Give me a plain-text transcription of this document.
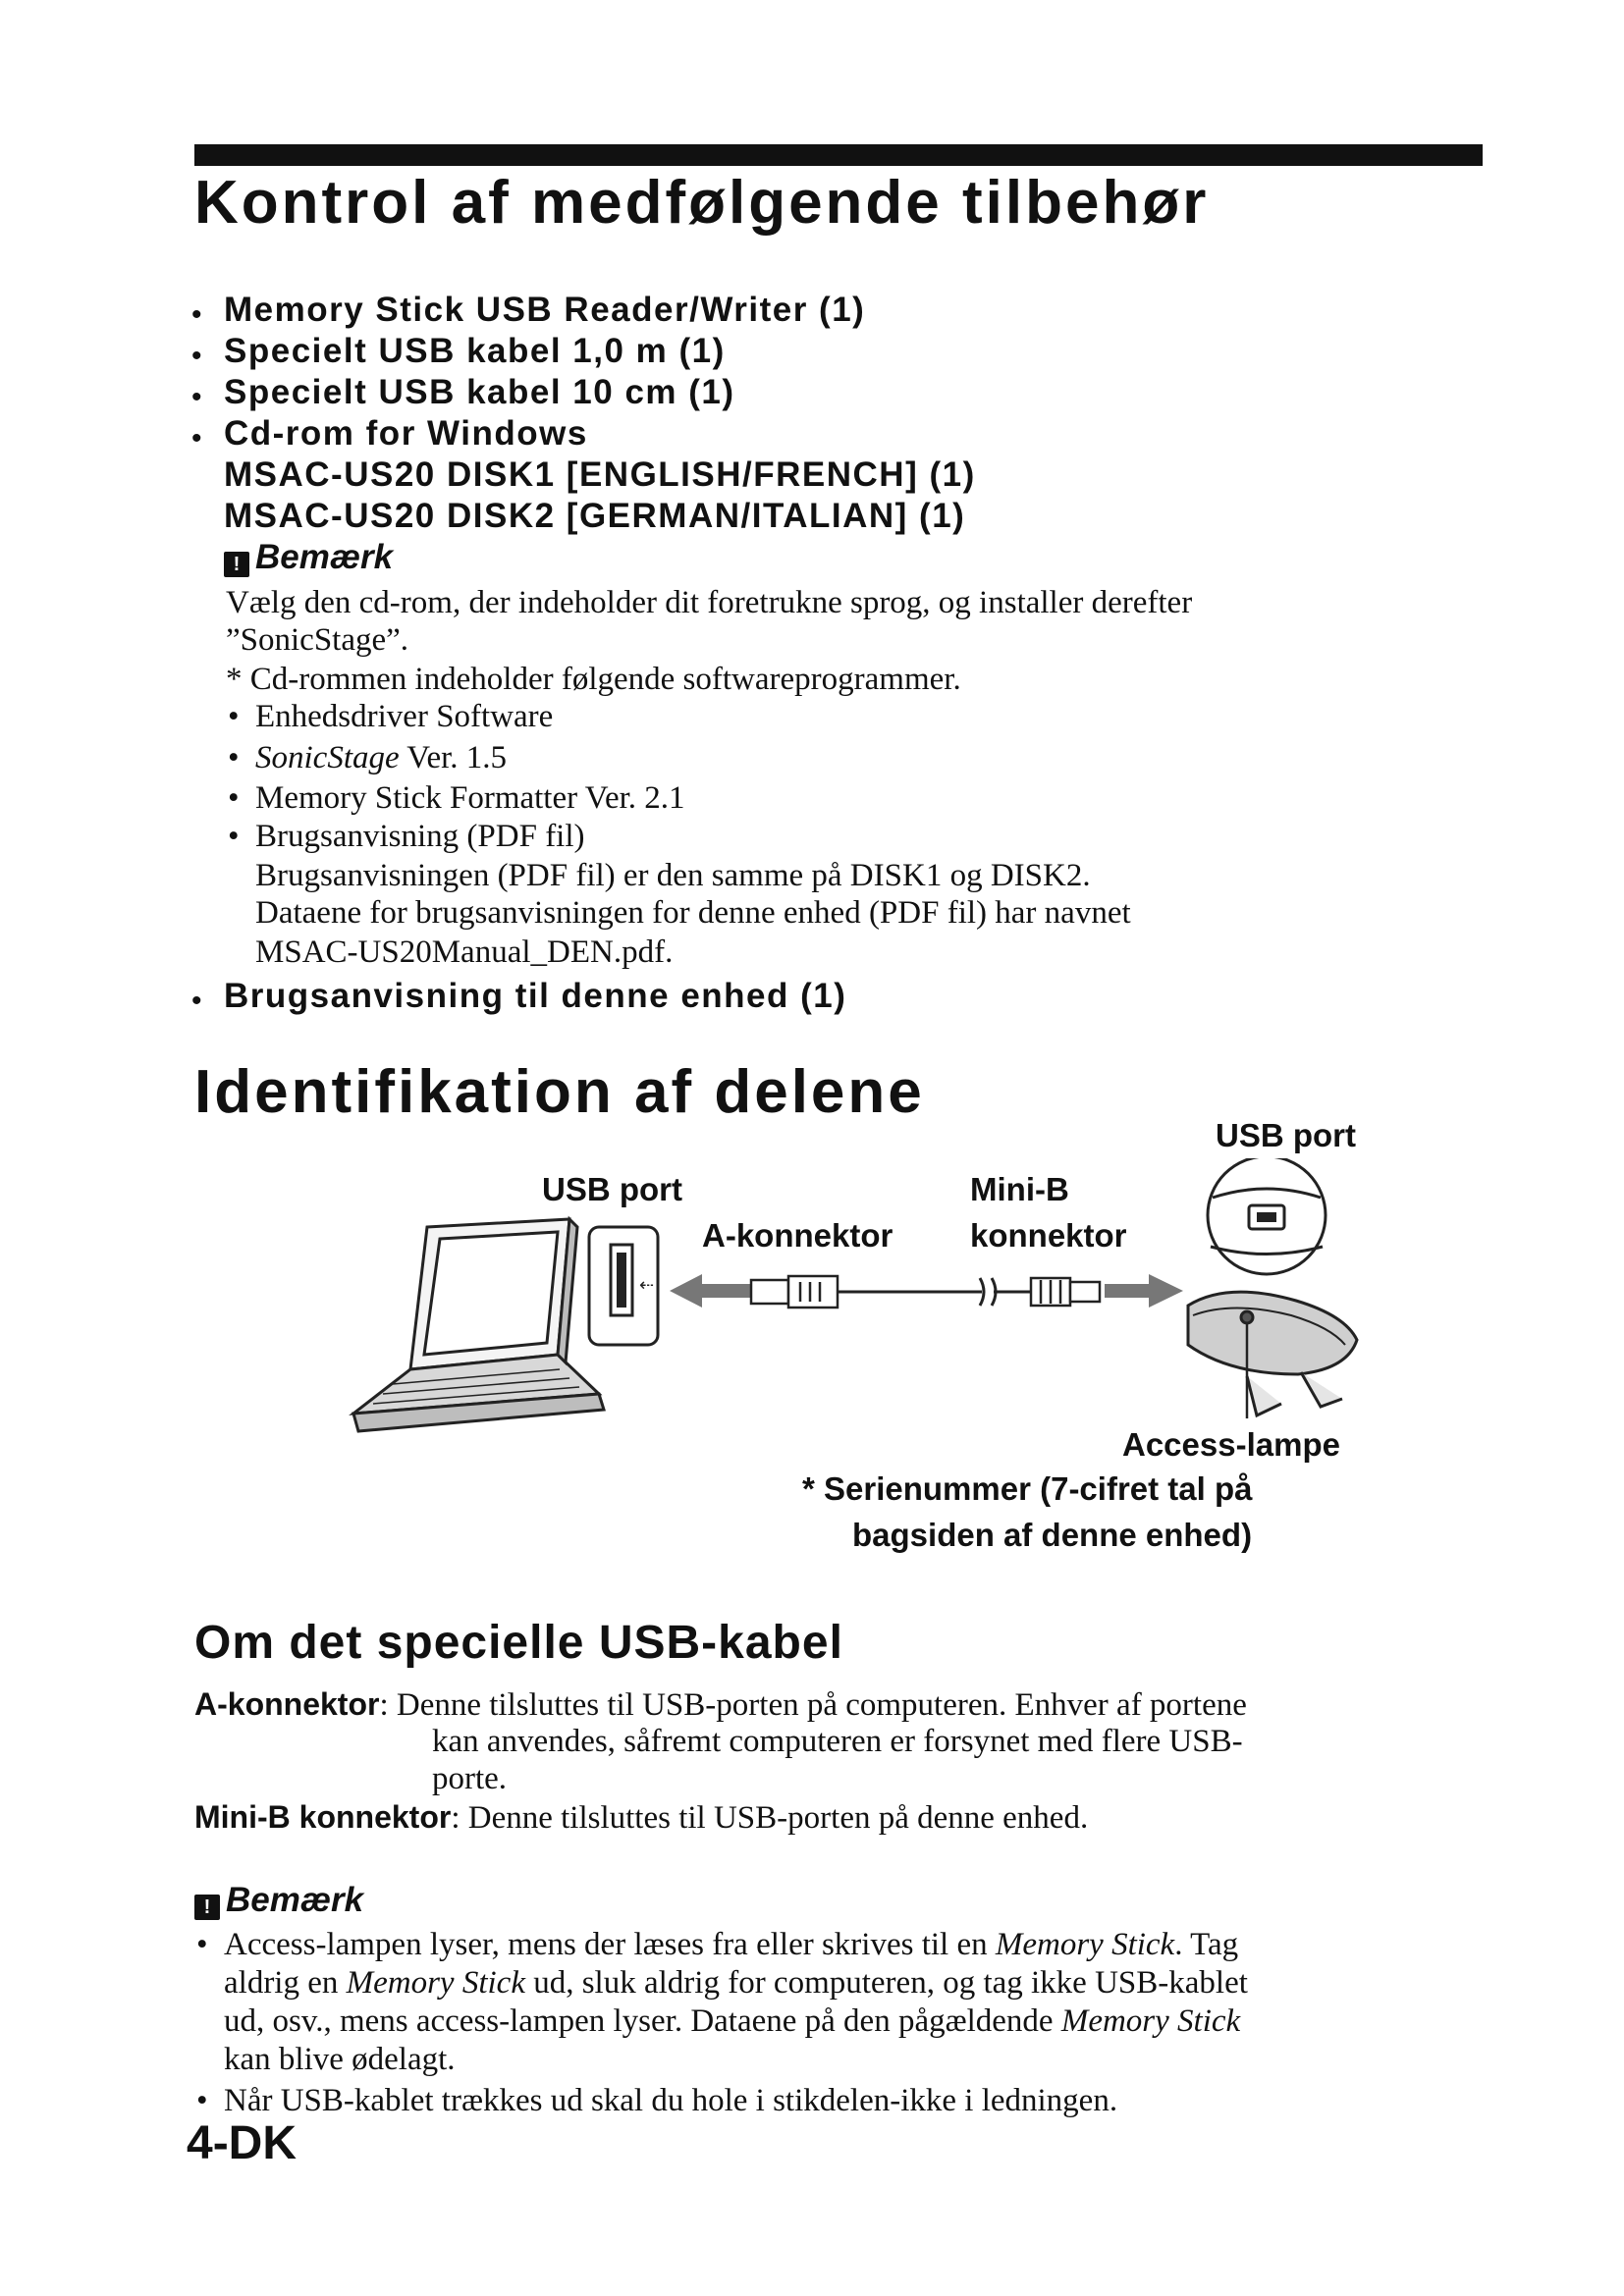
Kontrol af medfølgende tilbehør
• Memory Stick USB Reader/Writer (1)
• Specielt USB kabel 1,0 m (1)
• Specielt USB kabel 10 cm (1)
• Cd-rom for Windows
MSAC-US20 DISK1 [ENGLISH/FRENCH] (1)
MSAC-US20 DISK2 [GERMAN/ITALIAN] (1)
! Bemærk
Vælg den cd-rom, der indeholder dit foretrukne sprog, og installer derefter
”SonicStage”.
* Cd-rommen indeholder følgende softwareprogrammer.
• Enhedsdriver Software
• SonicStage Ver. 1.5
• Memory Stick Formatter Ver. 2.1
• Brugsanvisning (PDF fil)
Brugsanvisningen (PDF fil) er den samme på DISK1 og DISK2.
Dataene for brugsanvisningen for denne enhed (PDF fil) har navnet
MSAC-US20Manual_DEN.pdf.
• Brugsanvisning til denne enhed (1)
Identifikation af delene
USB port
USB port	Mini-B
A-konnektor konnektor
⇠
Access-lampe
* Serienummer (7-cifret tal på
bagsiden af denne enhed)
Om det specielle USB-kabel
A-konnektor: Denne tilsluttes til USB-porten på computeren. Enhver af portene
kan anvendes, såfremt computeren er forsynet med flere USB-
porte.
Mini-B konnektor: Denne tilsluttes til USB-porten på denne enhed.
! Bemærk
• Access-lampen lyser, mens der læses fra eller skrives til en Memory Stick. Tag
aldrig en Memory Stick ud, sluk aldrig for computeren, og tag ikke USB-kablet
ud, osv., mens access-lampen lyser. Dataene på den pågældende Memory Stick
kan blive ødelagt.
• Når USB-kablet trækkes ud skal du hole i stikdelen-ikke i ledningen.
4-DK
